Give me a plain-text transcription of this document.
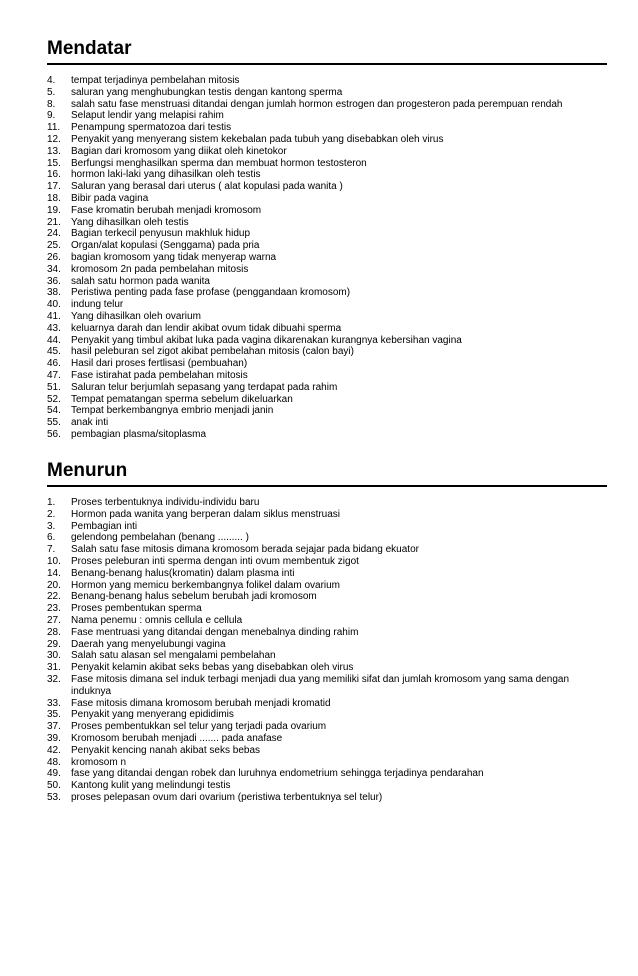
Mendatar
4.	tempat terjadinya pembelahan mitosis
5.	saluran yang menghubungkan testis dengan kantong sperma
8.	salah satu fase menstruasi ditandai dengan jumlah hormon estrogen dan progesteron pada perempuan rendah
9.	Selaput lendir yang melapisi rahim
11.	Penampung spermatozoa dari testis
12.	Penyakit yang menyerang sistem kekebalan pada tubuh yang disebabkan oleh virus
13.	Bagian dari kromosom yang diikat oleh kinetokor
15.	Berfungsi menghasilkan sperma dan membuat hormon testosteron
16.	hormon laki-laki yang dihasilkan oleh testis
17.	Saluran yang berasal dari uterus ( alat kopulasi pada wanita )
18.	Bibir pada vagina
19.	Fase kromatin berubah menjadi kromosom
21.	Yang dihasilkan oleh testis
24.	Bagian terkecil penyusun makhluk hidup
25.	Organ/alat kopulasi (Senggama) pada pria
26.	bagian kromosom yang tidak menyerap warna
34.	kromosom 2n pada pembelahan mitosis
36.	salah satu hormon pada wanita
38.	Peristiwa penting pada fase profase (penggandaan kromosom)
40.	indung telur
41.	Yang dihasilkan oleh ovarium
43.	keluarnya darah dan lendir akibat ovum tidak dibuahi sperma
44.	Penyakit yang timbul akibat luka pada vagina dikarenakan kurangnya kebersihan vagina
45.	hasil peleburan sel zigot akibat pembelahan mitosis (calon bayi)
46.	Hasil dari proses fertlisasi (pembuahan)
47.	Fase istirahat pada pembelahan mitosis
51.	Saluran telur berjumlah sepasang yang terdapat pada rahim
52.	Tempat pematangan sperma sebelum dikeluarkan
54.	Tempat berkembangnya embrio menjadi janin
55.	anak inti
56.	pembagian plasma/sitoplasma
Menurun
1.	Proses terbentuknya individu-individu baru
2.	Hormon pada wanita yang berperan dalam siklus menstruasi
3.	Pembagian inti
6.	gelendong pembelahan (benang ......... )
7.	Salah satu fase mitosis dimana kromosom berada sejajar pada bidang ekuator
10.	Proses peleburan inti sperma dengan inti ovum membentuk zigot
14.	Benang-benang halus(kromatin) dalam plasma inti
20.	Hormon yang memicu berkembangnya folikel dalam ovarium
22.	Benang-benang halus sebelum berubah jadi kromosom
23.	Proses pembentukan sperma
27.	Nama penemu : omnis cellula e cellula
28.	Fase mentruasi yang ditandai dengan menebalnya dinding rahim
29.	Daerah yang menyelubungi vagina
30.	Salah satu alasan sel mengalami pembelahan
31.	Penyakit kelamin akibat seks bebas yang disebabkan oleh virus
32.	Fase mitosis dimana sel induk terbagi menjadi dua yang memiliki sifat dan jumlah kromosom yang sama dengan induknya
33.	Fase mitosis dimana kromosom berubah menjadi kromatid
35.	Penyakit yang menyerang epididimis
37.	Proses pembentukkan sel telur yang terjadi pada ovarium
39.	Kromosom berubah menjadi ....... pada anafase
42.	Penyakit kencing nanah akibat seks bebas
48.	kromosom n
49.	fase yang ditandai dengan robek dan luruhnya endometrium sehingga terjadinya pendarahan
50.	Kantong kulit yang melindungi testis
53.	proses pelepasan ovum dari ovarium (peristiwa terbentuknya sel telur)
